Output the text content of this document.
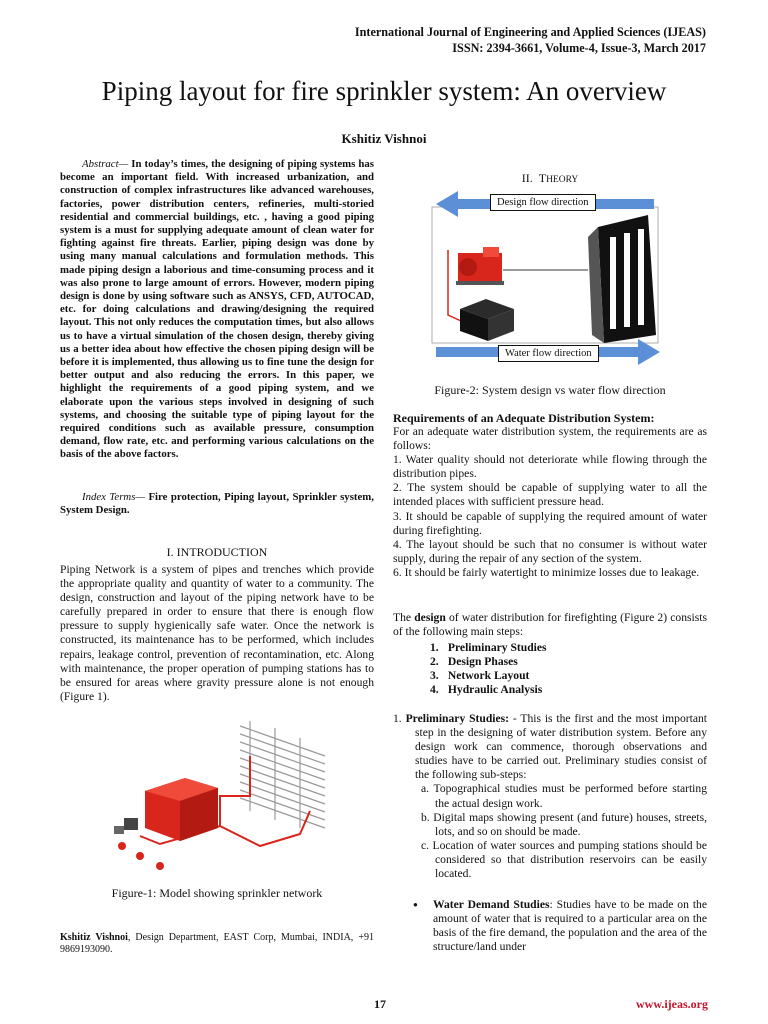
International Journal of Engineering and Applied Sciences (IJEAS)
ISSN: 2394-3661, Volume-4, Issue-3, March 2017
Piping layout for fire sprinkler system: An overview
Kshitiz Vishnoi
Abstract— In today’s times, the designing of piping systems has become an important field. With increased urbanization, and construction of complex infrastructures like advanced warehouses, factories, power distribution centers, refineries, multi-storied residential and commercial buildings, etc. , having a good piping system is a must for supplying adequate amount of clean water for fighting against fire threats. Earlier, piping design was done by using many manual calculations and formulation methods. This made piping design a laborious and time-consuming process and it was also prone to large amount of errors. However, modern piping design is done by using software such as ANSYS, CFD, AUTOCAD, etc. for doing calculations and drawing/designing the required layout. This not only reduces the computation times, but also allows us to have a virtual simulation of the chosen design, thereby giving us a better idea about how effective the chosen piping design will be before it is implemented, thus allowing us to fine tune the design for better output and also reducing the errors. In this paper, we highlight the requirements of a good piping system, and we elaborate upon the various steps involved in designing of such systems, and choosing the suitable type of piping layout for the required conditions such as available pressure, consumption demand, flow rate, etc. and performing various calculations on the basis of the above factors.
Index Terms— Fire protection, Piping layout, Sprinkler system, System Design.
I. INTRODUCTION
Piping Network is a system of pipes and trenches which provide the appropriate quality and quantity of water to a community. The design, construction and layout of the piping network have to be carefully prepared in order to ensure that there is enough flow pressure to supply hygienically safe water. Once the network is constructed, its maintenance has to be performed, which includes repairs, leakage control, prevention of recontamination, etc. Along with maintenance, the proper operation of pumping stations has to be ensured for areas where gravity pressure alone is not enough (Figure 1).
Figure-1: Model showing sprinkler network
Kshitiz Vishnoi, Design Department, EAST Corp, Mumbai, INDIA, +91 9869193090.
II. THEORY
Design flow direction
Water flow direction
Figure-2: System design vs water flow direction
Requirements of an Adequate Distribution System:
For an adequate water distribution system, the requirements are as follows:
1. Water quality should not deteriorate while flowing through the distribution pipes.
2. The system should be capable of supplying water to all the intended places with sufficient pressure head.
3. It should be capable of supplying the required amount of water during firefighting.
4. The layout should be such that no consumer is without water supply, during the repair of any section of the system.
6. It should be fairly watertight to minimize losses due to leakage.
The design of water distribution for firefighting (Figure 2) consists of the following main steps:
1. Preliminary Studies
2. Design Phases
3. Network Layout
4. Hydraulic Analysis
1. Preliminary Studies: - This is the first and the most important step in the designing of water distribution system. Before any design work can commence, thorough observations and studies have to be carried out. Preliminary studies consist of the following sub-steps:
a. Topographical studies must be performed before starting the actual design work.
b. Digital maps showing present (and future) houses, streets, lots, and so on should be made.
c. Location of water sources and pumping stations should be considered so that distribution reservoirs can be easily located.
● Water Demand Studies: Studies have to be made on the amount of water that is required to a particular area on the basis of the fire demand, the population and the area of the structure/land under
17	www.ijeas.org
